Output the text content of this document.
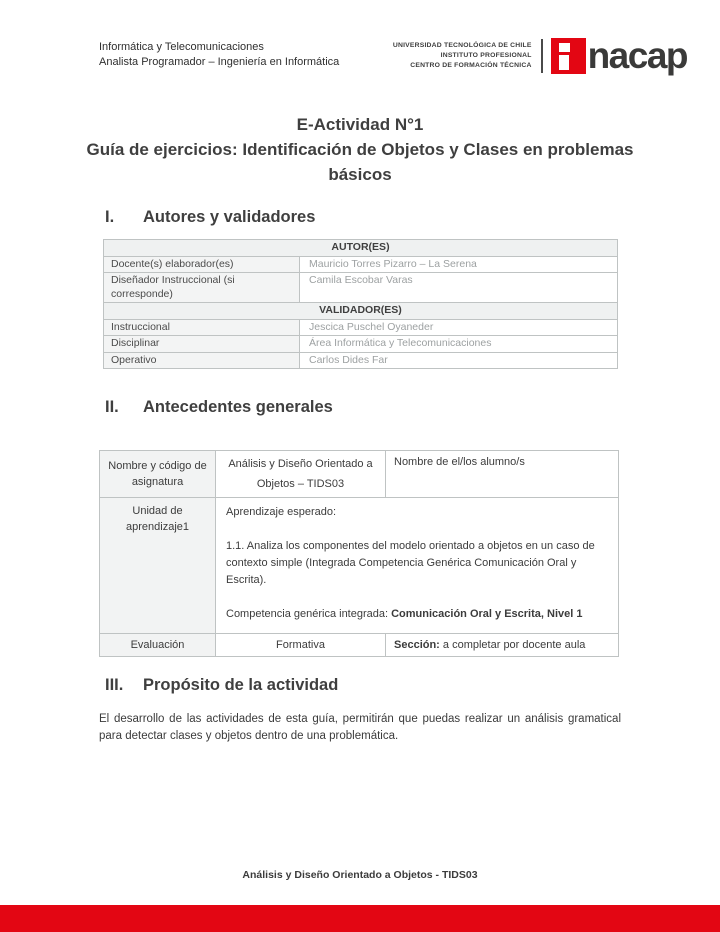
Informática y Telecomunicaciones
Analista Programador – Ingeniería en Informática
UNIVERSIDAD TECNOLÓGICA DE CHILE
INSTITUTO PROFESIONAL
CENTRO DE FORMACIÓN TÉCNICA nacap
E-Actividad N°1
Guía de ejercicios: Identificación de Objetos y Clases en problemas básicos
I. Autores y validadores
AUTOR(ES)	
Docente(s) elaborador(es)	Mauricio Torres Pizarro – La Serena
Diseñador Instruccional (si corresponde)	Camila Escobar Varas
VALIDADOR(ES)	
Instruccional	Jescica Puschel Oyaneder
Disciplinar	Área Informática y Telecomunicaciones
Operativo	Carlos Dides Far
II. Antecedentes generales
Nombre y código de asignatura	Análisis y Diseño Orientado a Objetos – TIDS03	Nombre de el/los alumno/s
Unidad de aprendizaje1	Aprendizaje esperado:
1.1. Analiza los componentes del modelo orientado a objetos en un caso de contexto simple (Integrada Competencia Genérica Comunicación Oral y Escrita).
Competencia genérica integrada: Comunicación Oral y Escrita, Nivel 1	

Evaluación	Formativa	Sección: a completar por docente aula
III. Propósito de la actividad

El desarrollo de las actividades de esta guía, permitirán que puedas realizar un análisis gramatical para detectar clases y objetos dentro de una problemática.

Análisis y Diseño Orientado a Objetos - TIDS03
